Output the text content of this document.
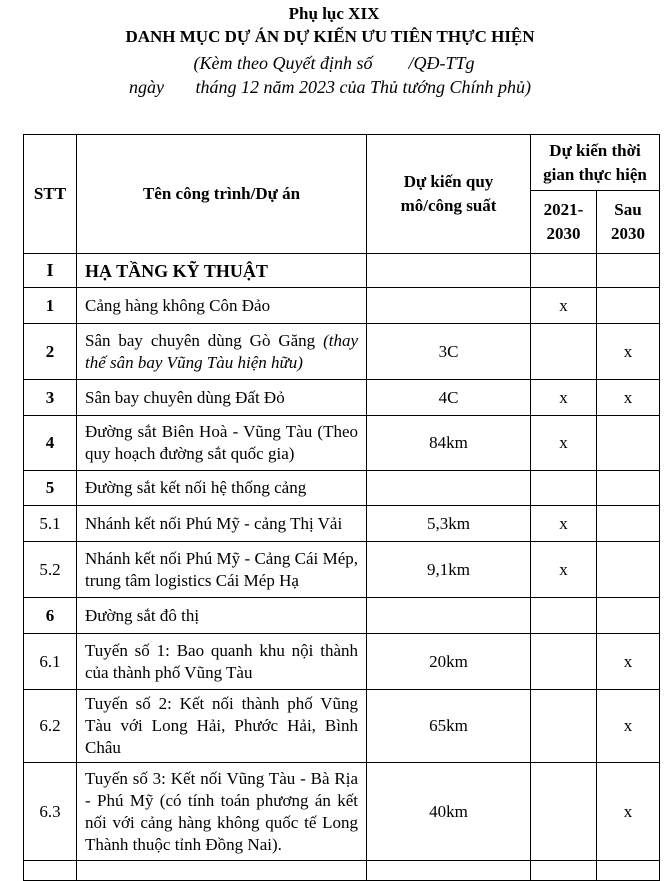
Phụ lục XIX
DANH MỤC DỰ ÁN DỰ KIẾN ƯU TIÊN THỰC HIỆN
(Kèm theo Quyết định số        /QĐ-TTg
ngày       tháng 12 năm 2023 của Thủ tướng Chính phủ)
STT	Tên công trình/Dự án	Dự kiến quy mô/công suất	Dự kiến thời gian thực hiện	
			2021-2030	Sau 2030
I	HẠ TẦNG KỸ THUẬT			
1	Cảng hàng không Côn Đảo		x	
2	Sân bay chuyên dùng Gò Găng (thay thế sân bay Vũng Tàu hiện hữu)	3C		x
3	Sân bay chuyên dùng Đất Đỏ	4C	x	x
4	Đường sắt Biên Hoà - Vũng Tàu (Theo quy hoạch đường sắt quốc gia)	84km	x	
5	Đường sắt kết nối hệ thống cảng			
5.1	Nhánh kết nối Phú Mỹ - cảng Thị Vải	5,3km	x	
5.2	Nhánh kết nối Phú Mỹ - Cảng Cái Mép, trung tâm logistics Cái Mép Hạ	9,1km	x	
6	Đường sắt đô thị			
6.1	Tuyến số 1: Bao quanh khu nội thành của thành phố Vũng Tàu	20km		x
6.2	Tuyến số 2: Kết nối thành phố Vũng Tàu với Long Hải, Phước Hải, Bình Châu	65km		x
6.3	Tuyến số 3: Kết nối Vũng Tàu - Bà Rịa - Phú Mỹ (có tính toán phương án kết nối với cảng hàng không quốc tế Long Thành thuộc tỉnh Đồng Nai).	40km		x
